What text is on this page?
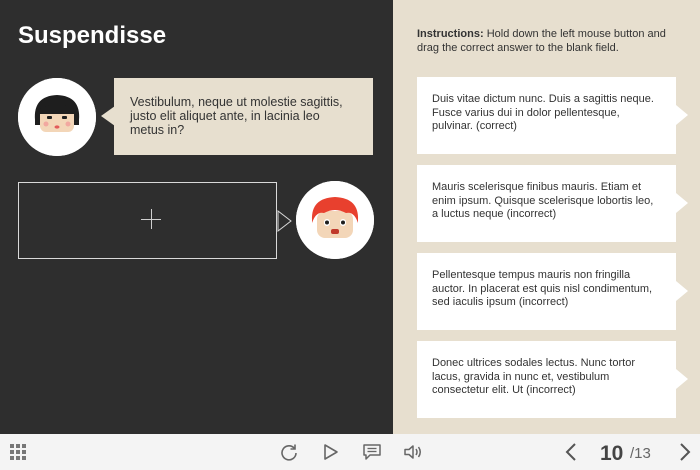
Suspendisse
Vestibulum, neque ut molestie sagittis, justo elit aliquet ante, in lacinia leo metus in?
Instructions: Hold down the left mouse button and drag the correct answer to the blank field.
Duis vitae dictum nunc. Duis a sagittis neque. Fusce varius dui in dolor pellentesque, pulvinar. (correct)
Mauris scelerisque finibus mauris. Etiam et enim ipsum. Quisque scelerisque lobortis leo, a luctus neque (incorrect)
Pellentesque tempus mauris non fringilla auctor. In placerat est quis nisl condimentum, sed iaculis ipsum (incorrect)
Donec ultrices sodales lectus. Nunc tortor lacus, gravida in nunc et, vestibulum consectetur elit. Ut (incorrect)
10 /13
